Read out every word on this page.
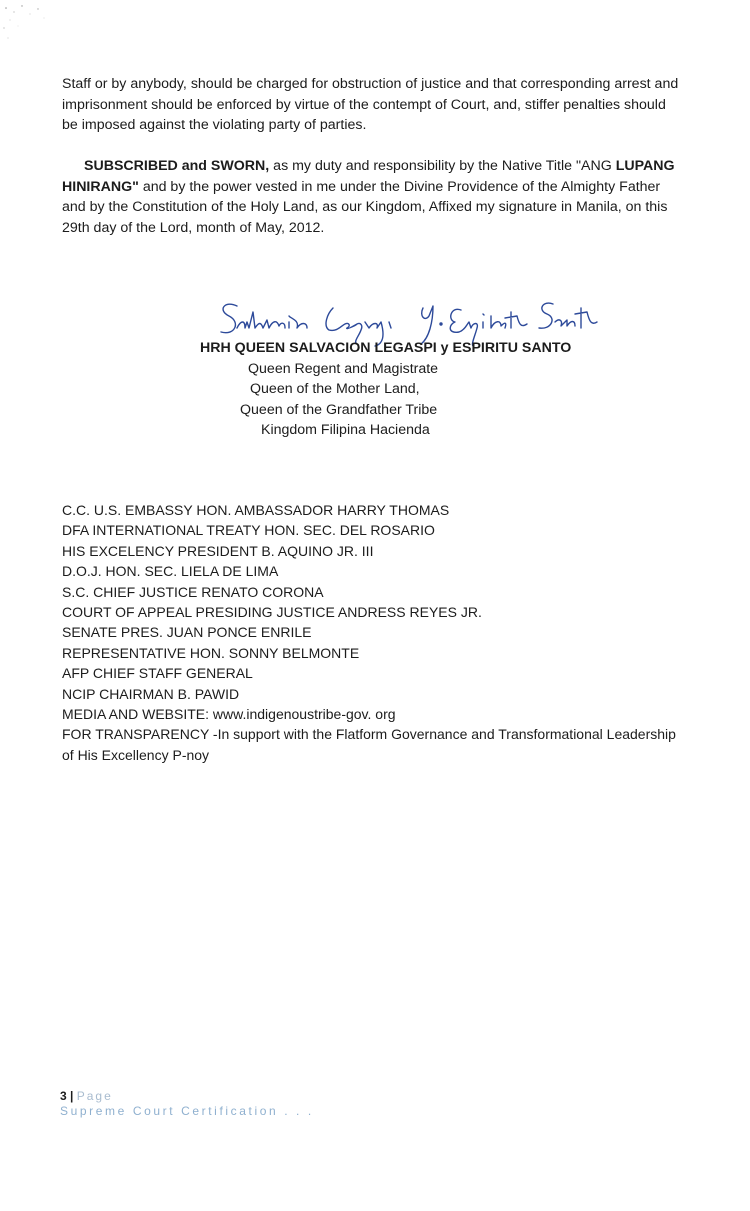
Staff or by anybody, should be charged for obstruction of justice and that corresponding arrest and imprisonment should be enforced by virtue of the contempt of Court, and, stiffer penalties should be imposed against the violating party of parties.

SUBSCRIBED and SWORN, as my duty and responsibility by the Native Title "ANG LUPANG HINIRANG" and by the power vested in me under the Divine Providence of the Almighty Father and by the Constitution of the Holy Land, as our Kingdom, Affixed my signature in Manila, on this 29th day of the Lord, month of May, 2012.

HRH QUEEN SALVACION LEGASPI y ESPIRITU SANTO

Queen Regent and Magistrate

Queen of the Mother Land,

Queen of the Grandfather Tribe

Kingdom Filipina Hacienda

C.C. U.S. EMBASSY HON. AMBASSADOR HARRY THOMAS
DFA INTERNATIONAL TREATY HON. SEC. DEL ROSARIO
HIS EXCELENCY PRESIDENT B. AQUINO JR. III
D.O.J. HON. SEC. LIELA DE LIMA
S.C. CHIEF JUSTICE RENATO CORONA
COURT OF APPEAL PRESIDING JUSTICE ANDRESS REYES JR.
SENATE PRES. JUAN PONCE ENRILE
REPRESENTATIVE HON. SONNY BELMONTE
AFP CHIEF STAFF GENERAL
NCIP CHAIRMAN B. PAWID
MEDIA AND WEBSITE: www.indigenoustribe-gov. org
FOR TRANSPARENCY -In support with the Flatform Governance and Transformational Leadership
of His Excellency P-noy
3 | Page
Supreme Court Certification . . .
